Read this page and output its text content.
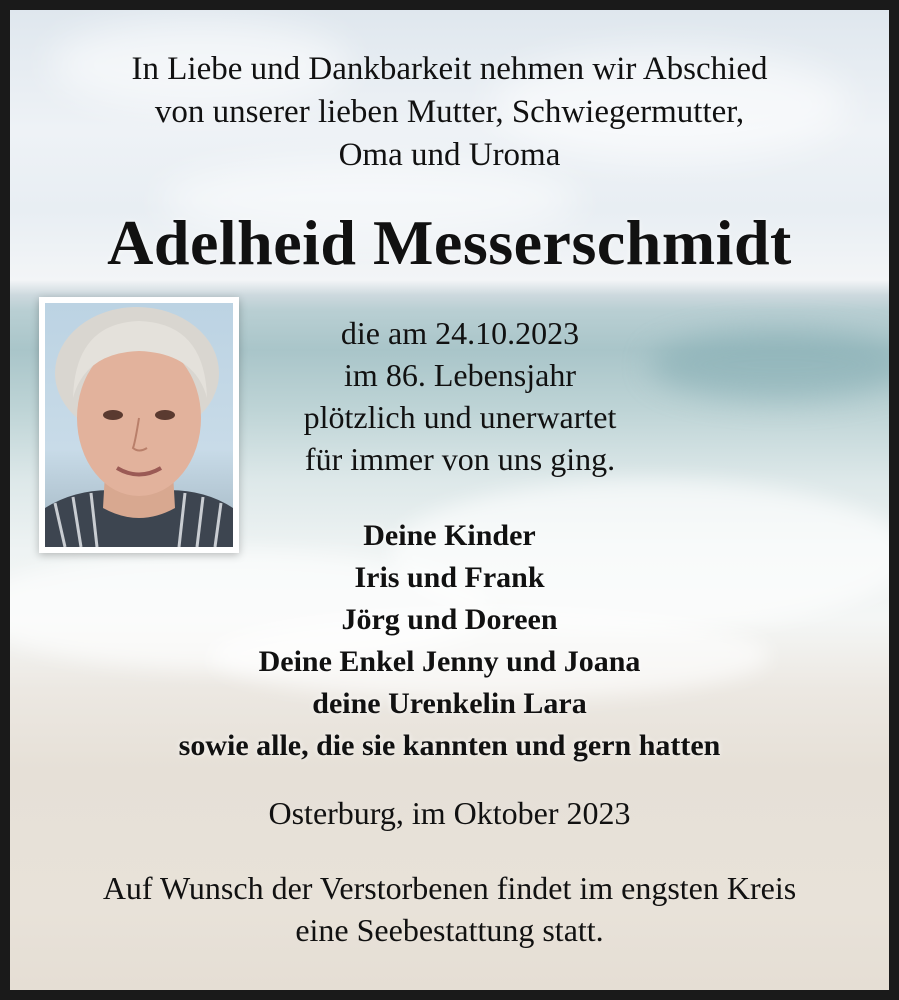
In Liebe und Dankbarkeit nehmen wir Abschied
von unserer lieben Mutter, Schwiegermutter,
Oma und Uroma
Adelheid Messerschmidt
die am 24.10.2023
im 86. Lebensjahr
plötzlich und unerwartet
für immer von uns ging.
Deine Kinder
Iris und Frank
Jörg und Doreen
Deine Enkel Jenny und Joana
deine Urenkelin Lara
sowie alle, die sie kannten und gern hatten
Osterburg, im Oktober 2023
Auf Wunsch der Verstorbenen findet im engsten Kreis
eine Seebestattung statt.
